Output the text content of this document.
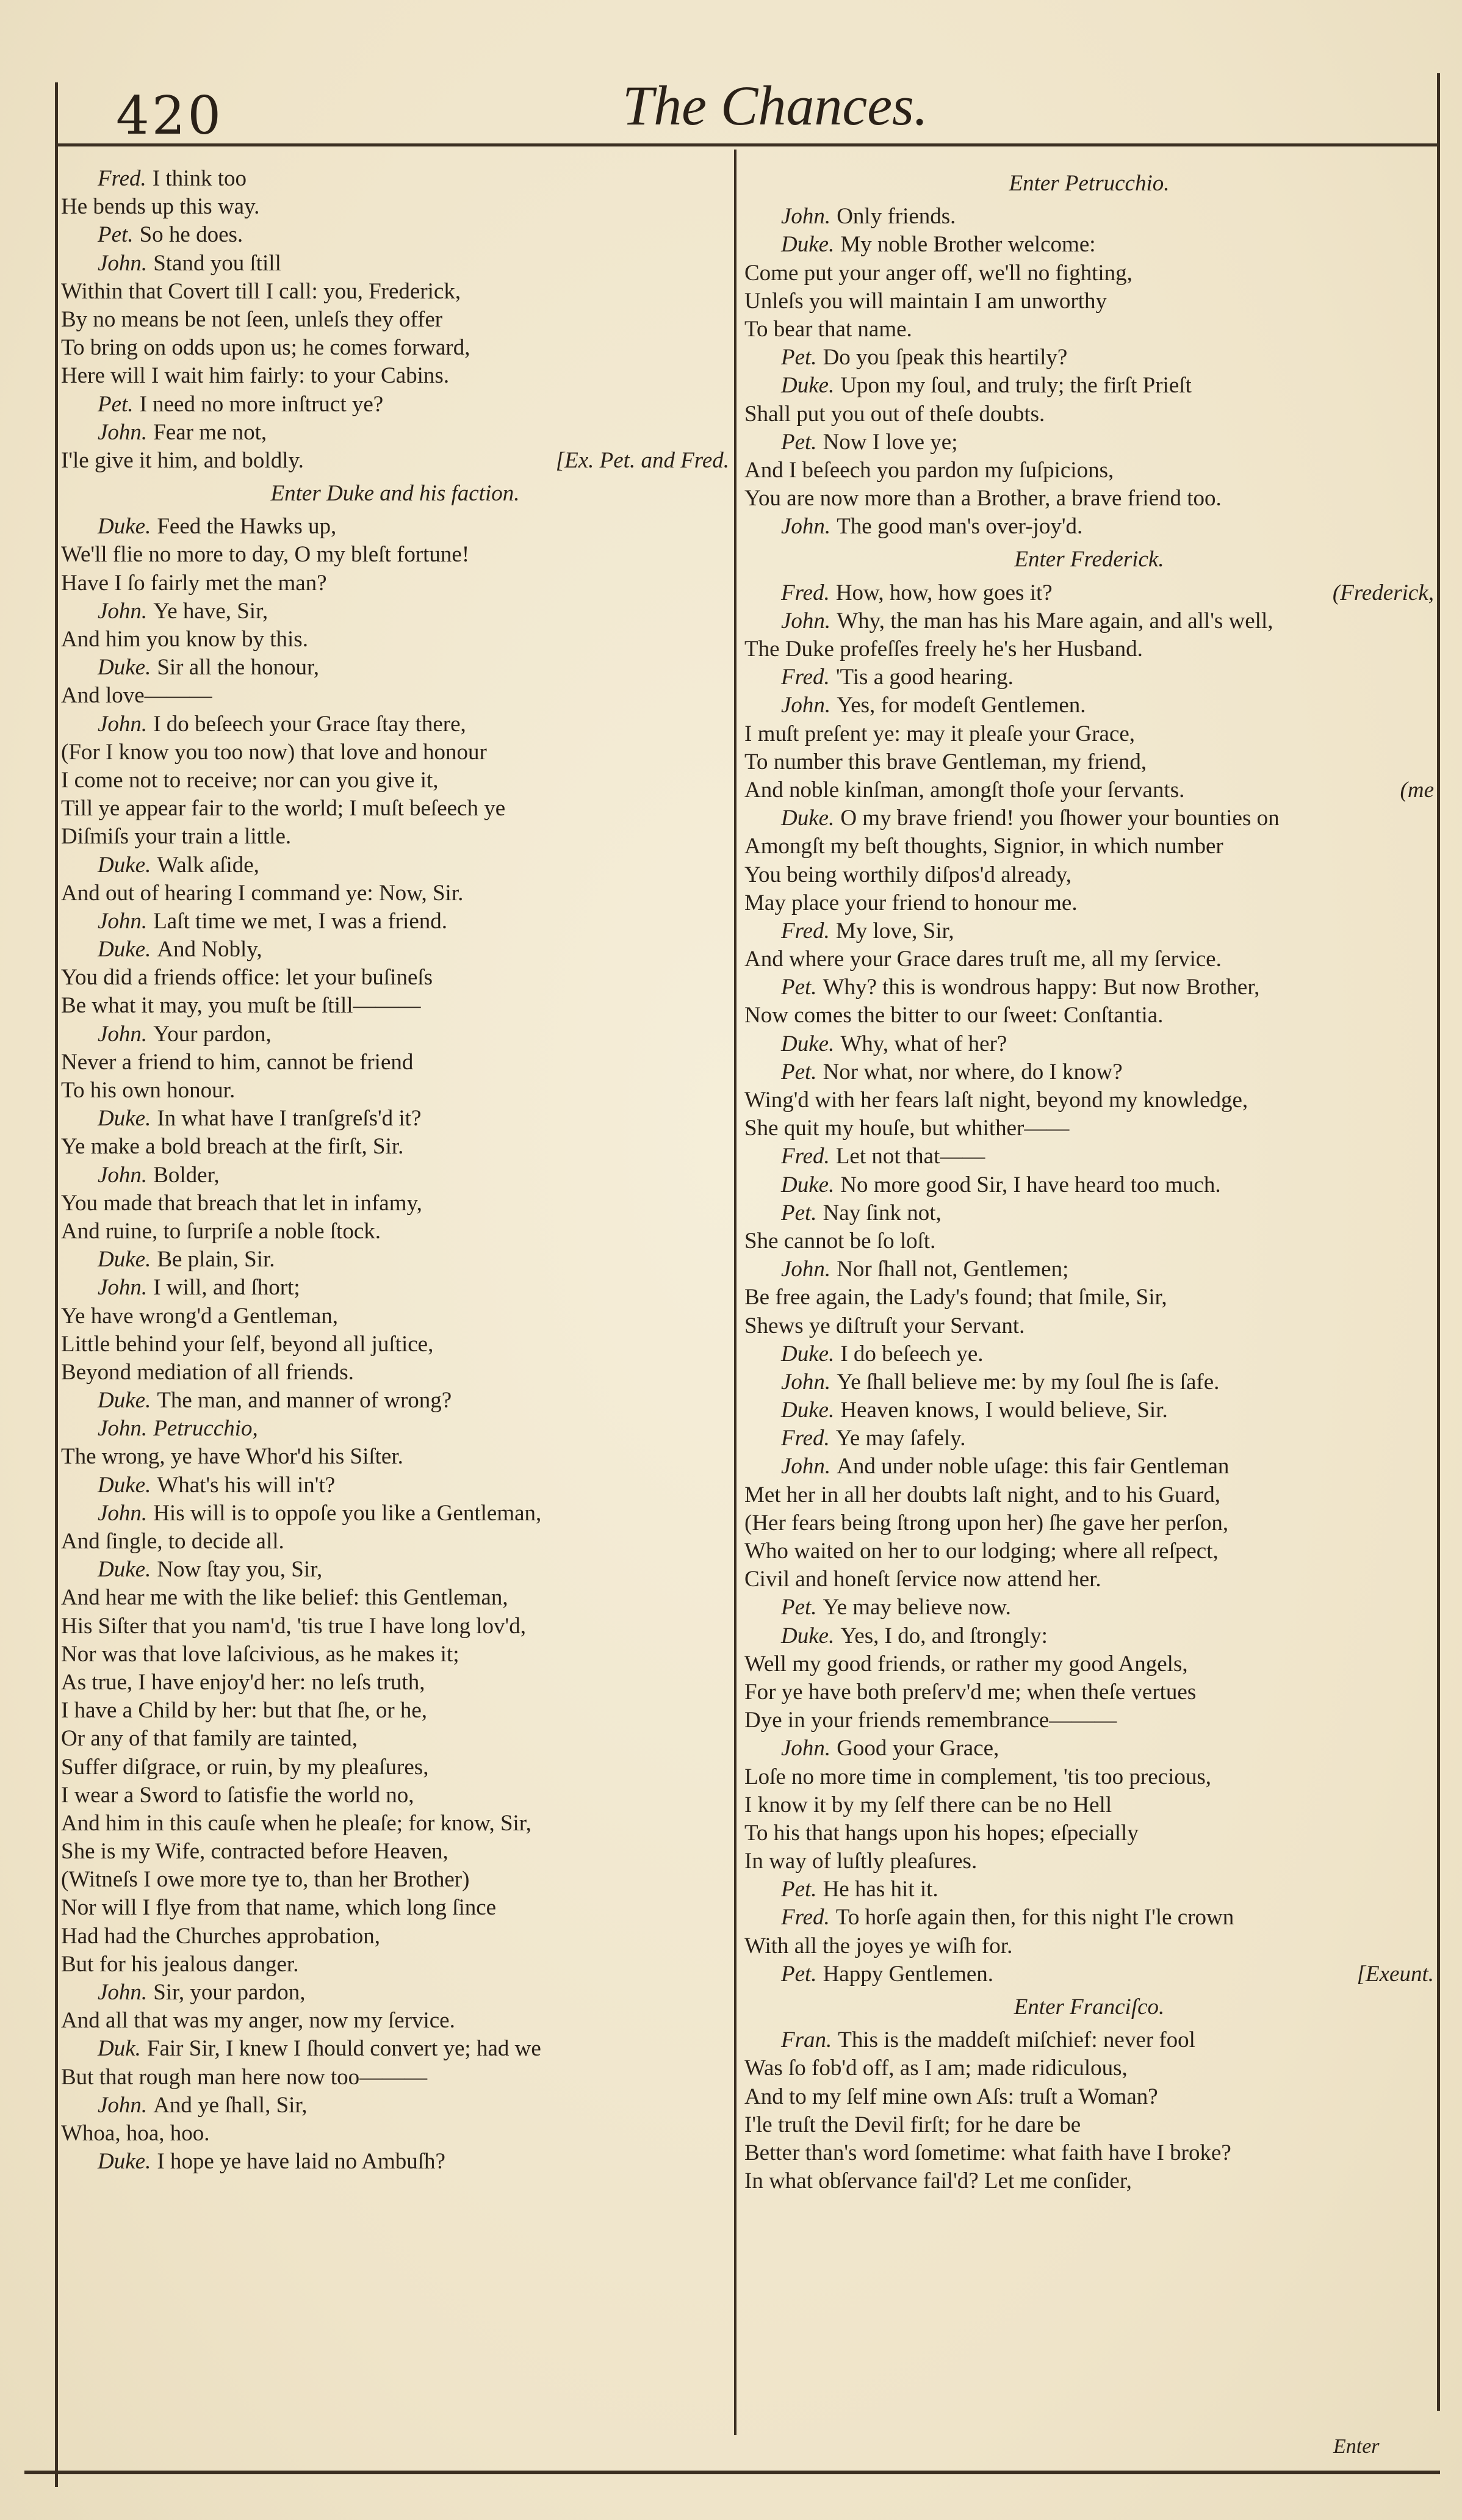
420	The Chances.
Fred. I think too
He bends up this way.
Pet. So he does.
John. Stand you ſtill
Within that Covert till I call: you, Frederick,
By no means be not ſeen, unleſs they offer
To bring on odds upon us; he comes forward,
Here will I wait him fairly: to your Cabins.
Pet. I need no more inſtruct ye?
John. Fear me not,
I'le give it him, and boldly.	[Ex. Pet. and Fred.
Enter Duke and his faction.
Duke. Feed the Hawks up,
We'll flie no more to day, O my bleſt fortune!
Have I ſo fairly met the man?
John. Ye have, Sir,
And him you know by this.
Duke. Sir all the honour,
And love———
John. I do beſeech your Grace ſtay there,
(For I know you too now) that love and honour
I come not to receive; nor can you give it,
Till ye appear fair to the world; I muſt beſeech ye
Diſmiſs your train a little.
Duke. Walk aſide,
And out of hearing I command ye: Now, Sir.
John. Laſt time we met, I was a friend.
Duke. And Nobly,
You did a friends office: let your buſineſs
Be what it may, you muſt be ſtill———
John. Your pardon,
Never a friend to him, cannot be friend
To his own honour.
Duke. In what have I tranſgreſs'd it?
Ye make a bold breach at the firſt, Sir.
John. Bolder,
You made that breach that let in infamy,
And ruine, to ſurpriſe a noble ſtock.
Duke. Be plain, Sir.
John. I will, and ſhort;
Ye have wrong'd a Gentleman,
Little behind your ſelf, beyond all juſtice,
Beyond mediation of all friends.
Duke. The man, and manner of wrong?
John. Petrucchio,
The wrong, ye have Whor'd his Siſter.
Duke. What's his will in't?
John. His will is to oppoſe you like a Gentleman,
And ſingle, to decide all.
Duke. Now ſtay you, Sir,
And hear me with the like belief: this Gentleman,
His Siſter that you nam'd, 'tis true I have long lov'd,
Nor was that love laſcivious, as he makes it;
As true, I have enjoy'd her: no leſs truth,
I have a Child by her: but that ſhe, or he,
Or any of that family are tainted,
Suffer diſgrace, or ruin, by my pleaſures,
I wear a Sword to ſatisfie the world no,
And him in this cauſe when he pleaſe; for know, Sir,
She is my Wife, contracted before Heaven,
(Witneſs I owe more tye to, than her Brother)
Nor will I flye from that name, which long ſince
Had had the Churches approbation,
But for his jealous danger.
John. Sir, your pardon,
And all that was my anger, now my ſervice.
Duk. Fair Sir, I knew I ſhould convert ye; had we
But that rough man here now too———
John. And ye ſhall, Sir,
Whoa, hoa, hoo.
Duke. I hope ye have laid no Ambuſh?
Enter Petrucchio.
John. Only friends.
Duke. My noble Brother welcome:
Come put your anger off, we'll no fighting,
Unleſs you will maintain I am unworthy
To bear that name.
Pet. Do you ſpeak this heartily?
Duke. Upon my ſoul, and truly; the firſt Prieſt
Shall put you out of theſe doubts.
Pet. Now I love ye;
And I beſeech you pardon my ſuſpicions,
You are now more than a Brother, a brave friend too.
John. The good man's over-joy'd.
Enter Frederick.
Fred. How, how, how goes it?	(Frederick,
John. Why, the man has his Mare again, and all's well,
The Duke profeſſes freely he's her Husband.
Fred. 'Tis a good hearing.
John. Yes, for modeſt Gentlemen.
I muſt preſent ye: may it pleaſe your Grace,
To number this brave Gentleman, my friend,
And noble kinſman, amongſt thoſe your ſervants.	(me
Duke. O my brave friend! you ſhower your bounties on
Amongſt my beſt thoughts, Signior, in which number
You being worthily diſpos'd already,
May place your friend to honour me.
Fred. My love, Sir,
And where your Grace dares truſt me, all my ſervice.
Pet. Why? this is wondrous happy: But now Brother,
Now comes the bitter to our ſweet: Conſtantia.
Duke. Why, what of her?
Pet. Nor what, nor where, do I know?
Wing'd with her fears laſt night, beyond my knowledge,
She quit my houſe, but whither——
Fred. Let not that——
Duke. No more good Sir, I have heard too much.
Pet. Nay ſink not,
She cannot be ſo loſt.
John. Nor ſhall not, Gentlemen;
Be free again, the Lady's found; that ſmile, Sir,
Shews ye diſtruſt your Servant.
Duke. I do beſeech ye.
John. Ye ſhall believe me: by my ſoul ſhe is ſafe.
Duke. Heaven knows, I would believe, Sir.
Fred. Ye may ſafely.
John. And under noble uſage: this fair Gentleman
Met her in all her doubts laſt night, and to his Guard,
(Her fears being ſtrong upon her) ſhe gave her perſon,
Who waited on her to our lodging; where all reſpect,
Civil and honeſt ſervice now attend her.
Pet. Ye may believe now.
Duke. Yes, I do, and ſtrongly:
Well my good friends, or rather my good Angels,
For ye have both preſerv'd me; when theſe vertues
Dye in your friends remembrance———
John. Good your Grace,
Loſe no more time in complement, 'tis too precious,
I know it by my ſelf there can be no Hell
To his that hangs upon his hopes; eſpecially
In way of luſtly pleaſures.
Pet. He has hit it.
Fred. To horſe again then, for this night I'le crown
With all the joyes ye wiſh for.
Pet. Happy Gentlemen.	[Exeunt.
Enter Franciſco.
Fran. This is the maddeſt miſchief: never fool
Was ſo fob'd off, as I am; made ridiculous,
And to my ſelf mine own Aſs: truſt a Woman?
I'le truſt the Devil firſt; for he dare be
Better than's word ſometime: what faith have I broke?
In what obſervance fail'd? Let me conſider,
Enter
